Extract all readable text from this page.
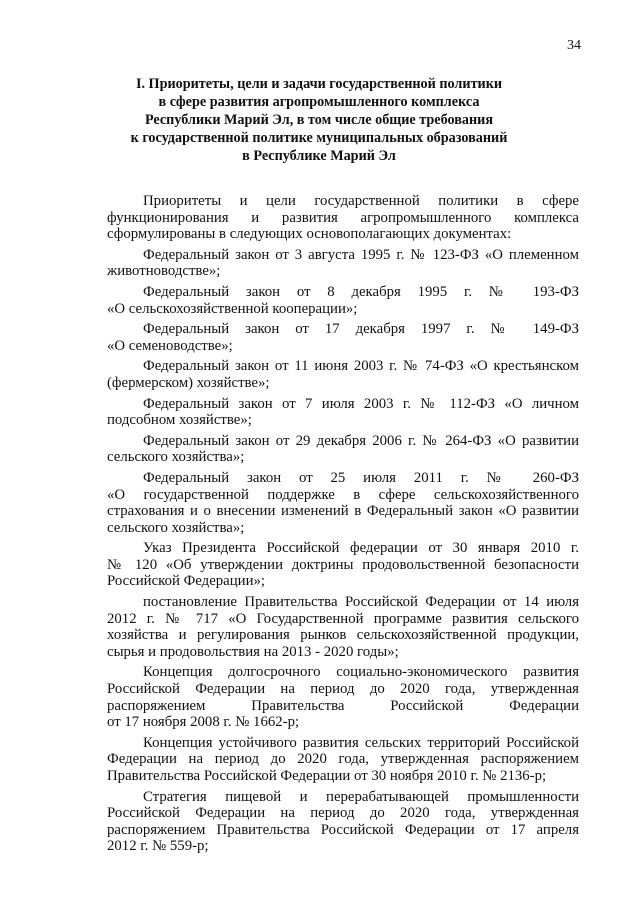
34
I. Приоритеты, цели и задачи государственной политики
в сфере развития агропромышленного комплекса
Республики Марий Эл, в том числе общие требования
к государственной политике муниципальных образований
в Республике Марий Эл
Приоритеты и цели государственной политики в сфере
функционирования и развития агропромышленного комплекса
сформулированы в следующих основополагающих документах:
Федеральный закон от 3 августа 1995 г. № 123-ФЗ «О племенном
животноводстве»;
Федеральный закон от 8 декабря 1995 г. № 193-ФЗ
«О сельскохозяйственной кооперации»;
Федеральный закон от 17 декабря 1997 г. № 149-ФЗ
«О семеноводстве»;
Федеральный закон от 11 июня 2003 г. № 74-ФЗ «О крестьянском
(фермерском) хозяйстве»;
Федеральный закон от 7 июля 2003 г. № 112-ФЗ «О личном
подсобном хозяйстве»;
Федеральный закон от 29 декабря 2006 г. № 264-ФЗ «О развитии
сельского хозяйства»;
Федеральный закон от 25 июля 2011 г. № 260-ФЗ
«О государственной поддержке в сфере сельскохозяйственного
страхования и о внесении изменений в Федеральный закон «О развитии
сельского хозяйства»;
Указ Президента Российской федерации от 30 января 2010 г.
№ 120 «Об утверждении доктрины продовольственной безопасности
Российской Федерации»;
постановление Правительства Российской Федерации от 14 июля
2012 г. № 717 «О Государственной программе развития сельского
хозяйства и регулирования рынков сельскохозяйственной продукции,
сырья и продовольствия на 2013 - 2020 годы»;
Концепция долгосрочного социально-экономического развития
Российской Федерации на период до 2020 года, утвержденная
распоряжением Правительства Российской Федерации
от 17 ноября 2008 г. № 1662-р;
Концепция устойчивого развития сельских территорий Российской
Федерации на период до 2020 года, утвержденная распоряжением
Правительства Российской Федерации от 30 ноября 2010 г. № 2136-р;
Стратегия пищевой и перерабатывающей промышленности
Российской Федерации на период до 2020 года, утвержденная
распоряжением Правительства Российской Федерации от 17 апреля
2012 г. № 559-р;
